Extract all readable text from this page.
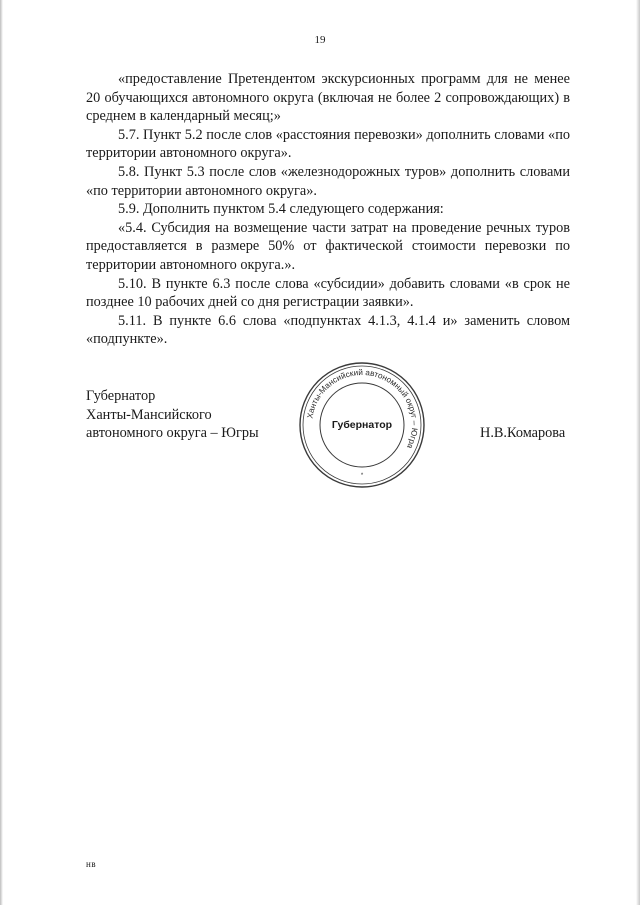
19

«предоставление Претендентом экскурсионных программ для не менее 20 обучающихся автономного округа (включая не более 2 сопровождающих) в среднем в календарный месяц;»

5.7. Пункт 5.2 после слов «расстояния перевозки» дополнить словами «по территории автономного округа».

5.8. Пункт 5.3 после слов «железнодорожных туров» дополнить словами «по территории автономного округа».

5.9. Дополнить пунктом 5.4 следующего содержания:

«5.4. Субсидия на возмещение части затрат на проведение речных туров предоставляется в размере 50% от фактической стоимости перевозки по территории автономного округа.».

5.10. В пункте 6.3 после слова «субсидии» добавить словами «в срок не позднее 10 рабочих дней со дня регистрации заявки».

5.11. В пункте 6.6 слова «подпунктах 4.1.3, 4.1.4 и» заменить словом «подпункте».

Губернатор
Ханты-Мансийского
автономного округа – Югры
Ханты-Мансийский автономный округ – Югра
Губернатор
*
Н.В.Комарова
нв
